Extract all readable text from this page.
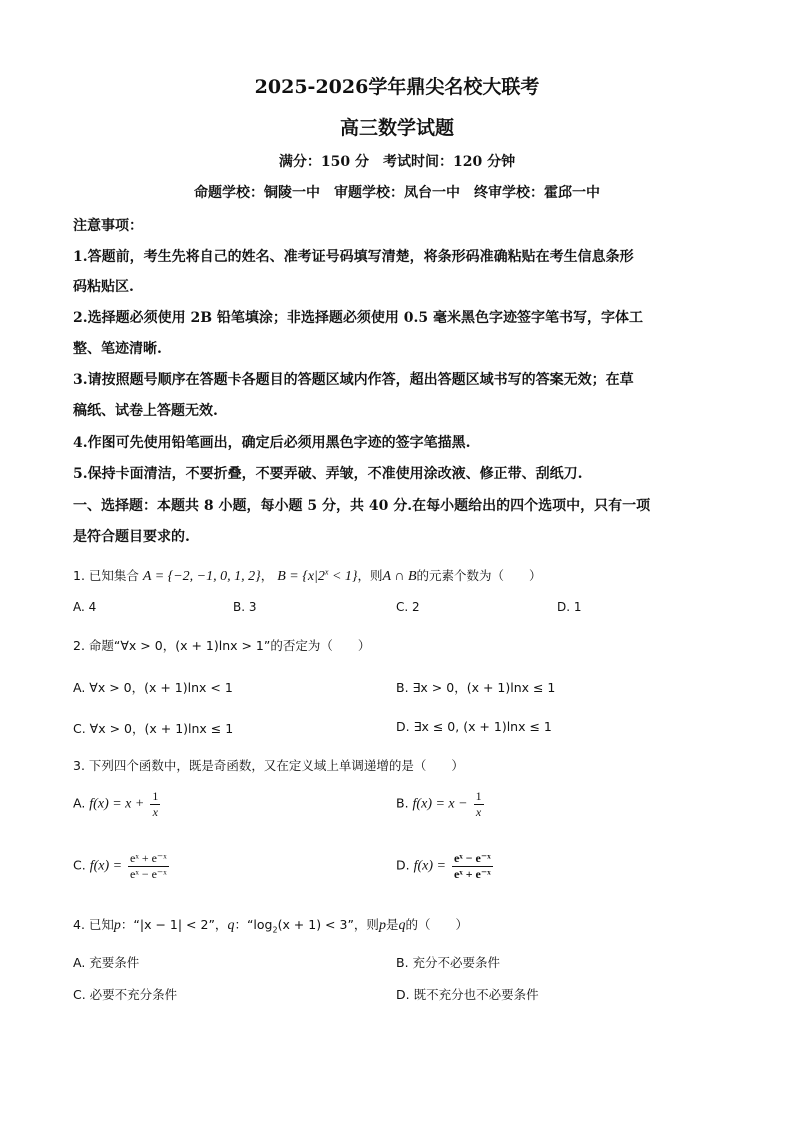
2025-2026学年鼎尖名校大联考
高三数学试题
满分：150 分　考试时间：120 分钟
命题学校：铜陵一中　审题学校：凤台一中　终审学校：霍邱一中
注意事项：
1.答题前，考生先将自己的姓名、准考证号码填写清楚，将条形码准确粘贴在考生信息条形
码粘贴区.
2.选择题必须使用 2B 铅笔填涂；非选择题必须使用 0.5 毫米黑色字迹签字笔书写，字体工
整、笔迹清晰.
3.请按照题号顺序在答题卡各题目的答题区域内作答，超出答题区域书写的答案无效；在草
稿纸、试卷上答题无效.
4.作图可先使用铅笔画出，确定后必须用黑色字迹的签字笔描黑.
5.保持卡面清洁，不要折叠，不要弄破、弄皱，不准使用涂改液、修正带、刮纸刀.
一、选择题：本题共 8 小题，每小题 5 分，共 40 分.在每小题给出的四个选项中，只有一项
是符合题目要求的.
1. 已知集合 A = {−2, −1, 0, 1, 2}， $B = \{x|2^x < 1\}$，则A ∩ B的元素个数为（　　）
A. 4	B. 3	C. 2	D. 1
2. 命题“∀x > 0，(x + 1)lnx > 1”的否定为（　　）
A. ∀x > 0，(x + 1)lnx < 1	B. ∃x > 0，(x + 1)lnx ≤ 1
C. ∀x > 0，(x + 1)lnx ≤ 1	D. ∃x ≤ 0, (x + 1)lnx ≤ 1
3. 下列四个函数中，既是奇函数，又在定义域上单调递增的是（　　）
A. $f(x) = x + \frac{1}{x}$	B. $f(x) = x - \frac{1}{x}$
C. $f(x) = \frac{\text{eˣ + e⁻ˣ}}{\text{eˣ − e⁻ˣ}}$	D. $f(x) = \frac{\text{eˣ − e⁻ˣ}}{\text{eˣ + e⁻ˣ}}$
4. 已知p：“|x − 1| < 2”，q：“$\log_2(x + 1) < 3$”，则p是q的（　　）
A. 充要条件	B. 充分不必要条件
C. 必要不充分条件	D. 既不充分也不必要条件
